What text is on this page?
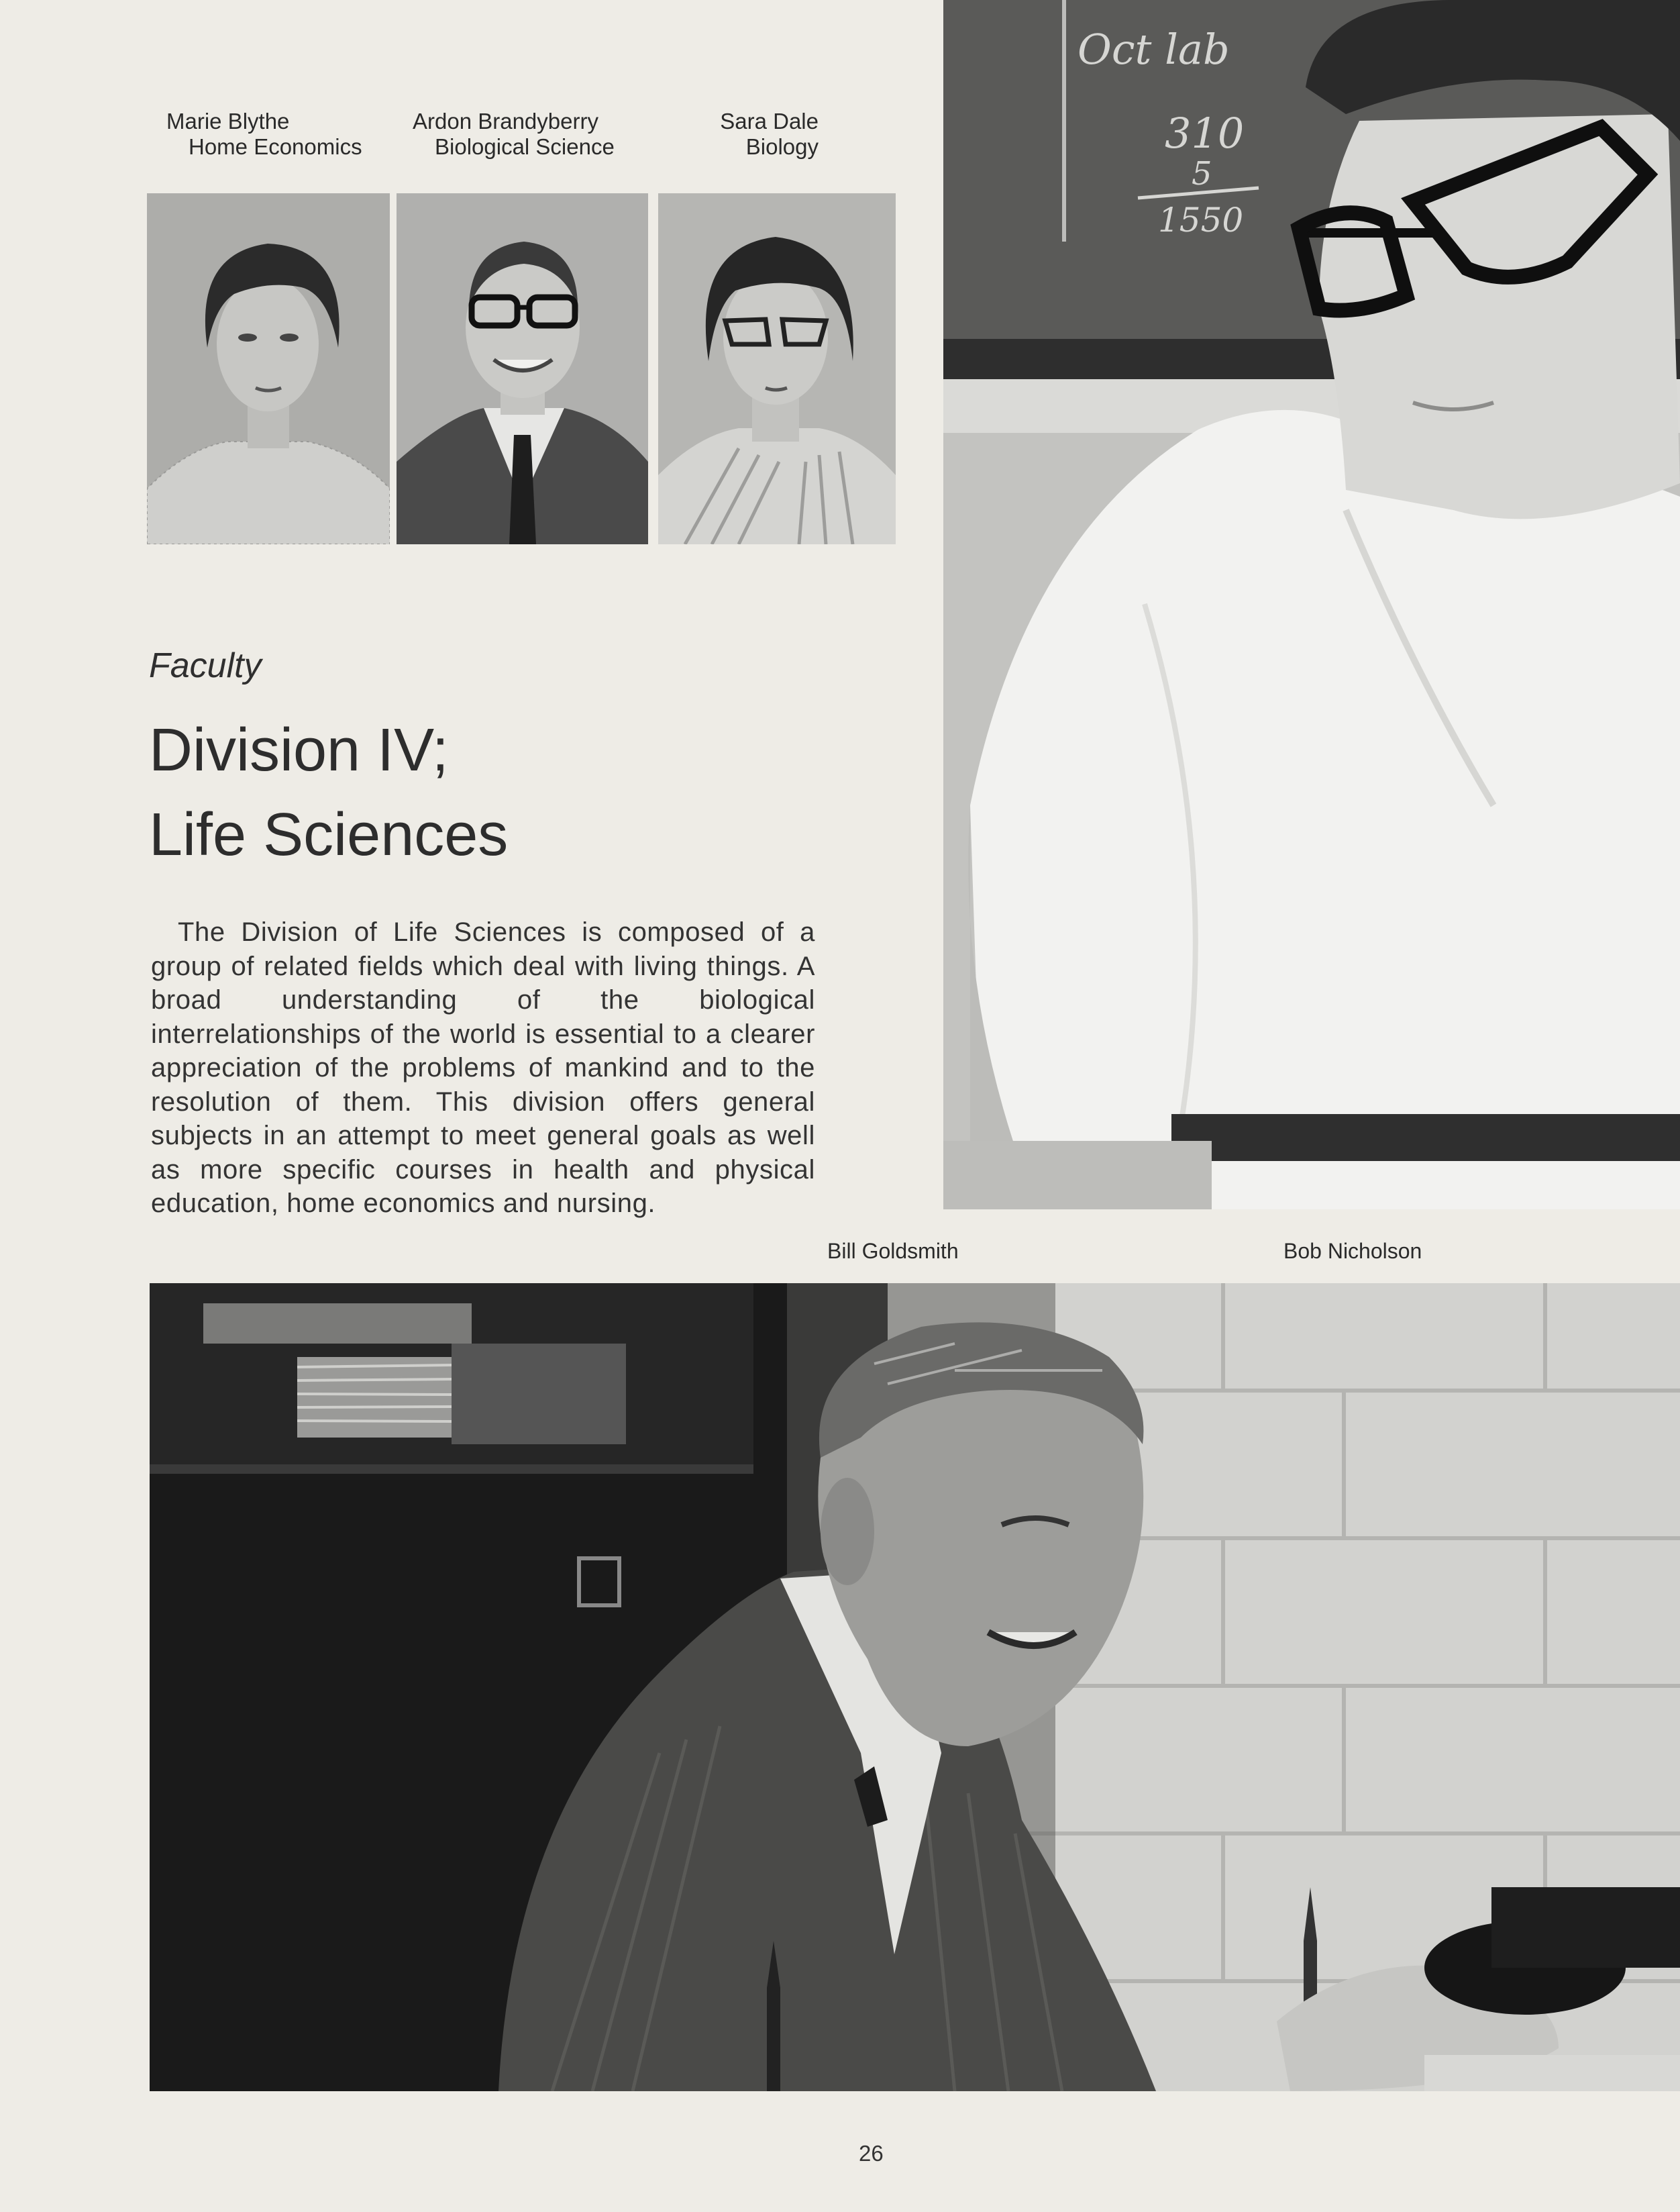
Marie Blythe
Home Economics
Ardon Brandyberry
Biological Science
Sara Dale
Biology
Oct lab
310
5
1550
Faculty
Division IV;
Life Sciences
The Division of Life Sciences is composed of a group of related fields which deal with living things. A broad understanding of the biological interrelationships of the world is essential to a clearer appreciation of the problems of mankind and to the resolution of them. This division offers general subjects in an attempt to meet general goals as well as more specific courses in health and physical education, home economics and nursing.
Bill Goldsmith	Bob Nicholson
26
